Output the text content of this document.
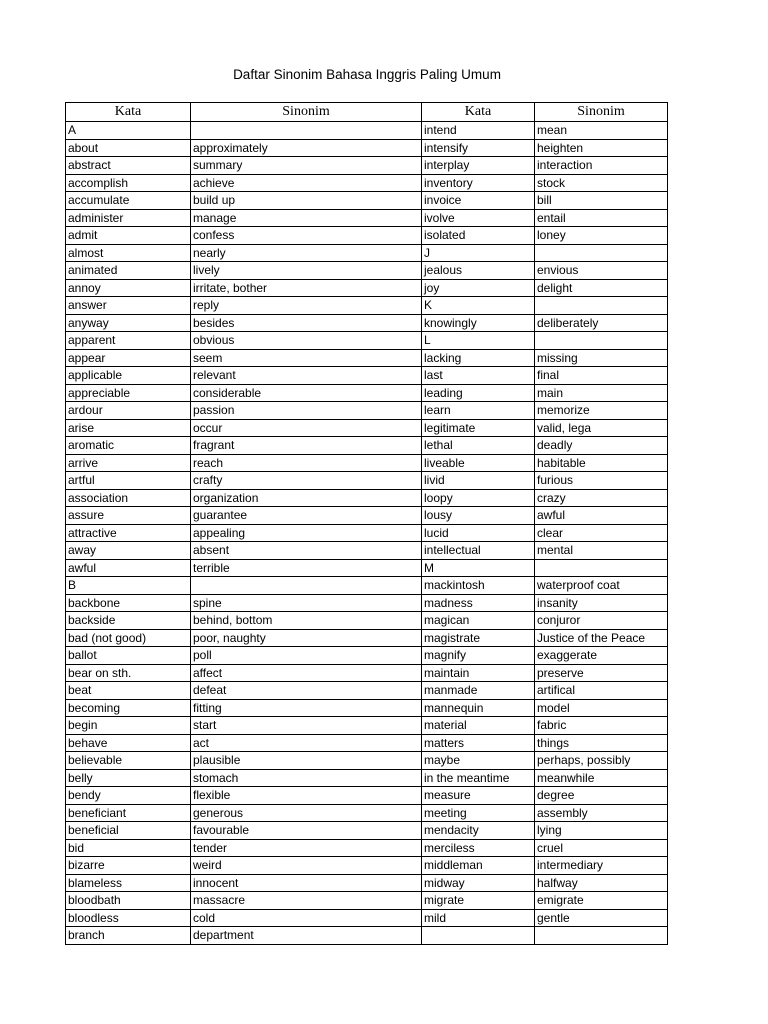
Daftar Sinonim Bahasa Inggris Paling Umum
Kata	Sinonim	Kata	Sinonim
A		intend	mean
about	approximately	intensify	heighten
abstract	summary	interplay	interaction
accomplish	achieve	inventory	stock
accumulate	build up	invoice	bill
administer	manage	ivolve	entail
admit	confess	isolated	loney
almost	nearly	J	
animated	lively	jealous	envious
annoy	irritate, bother	joy	delight
answer	reply	K	
anyway	besides	knowingly	deliberately
apparent	obvious	L	
appear	seem	lacking	missing
applicable	relevant	last	final
appreciable	considerable	leading	main
ardour	passion	learn	memorize
arise	occur	legitimate	valid, lega
aromatic	fragrant	lethal	deadly
arrive	reach	liveable	habitable
artful	crafty	livid	furious
association	organization	loopy	crazy
assure	guarantee	lousy	awful
attractive	appealing	lucid	clear
away	absent	intellectual	mental
awful	terrible	M	
B		mackintosh	waterproof coat
backbone	spine	madness	insanity
backside	behind, bottom	magican	conjuror
bad (not good)	poor, naughty	magistrate	Justice of the Peace
ballot	poll	magnify	exaggerate
bear on sth.	affect	maintain	preserve
beat	defeat	manmade	artifical
becoming	fitting	mannequin	model
begin	start	material	fabric
behave	act	matters	things
believable	plausible	maybe	perhaps, possibly
belly	stomach	in the meantime	meanwhile
bendy	flexible	measure	degree
beneficiant	generous	meeting	assembly
beneficial	favourable	mendacity	lying
bid	tender	merciless	cruel
bizarre	weird	middleman	intermediary
blameless	innocent	midway	halfway
bloodbath	massacre	migrate	emigrate
bloodless	cold	mild	gentle
branch	department		
